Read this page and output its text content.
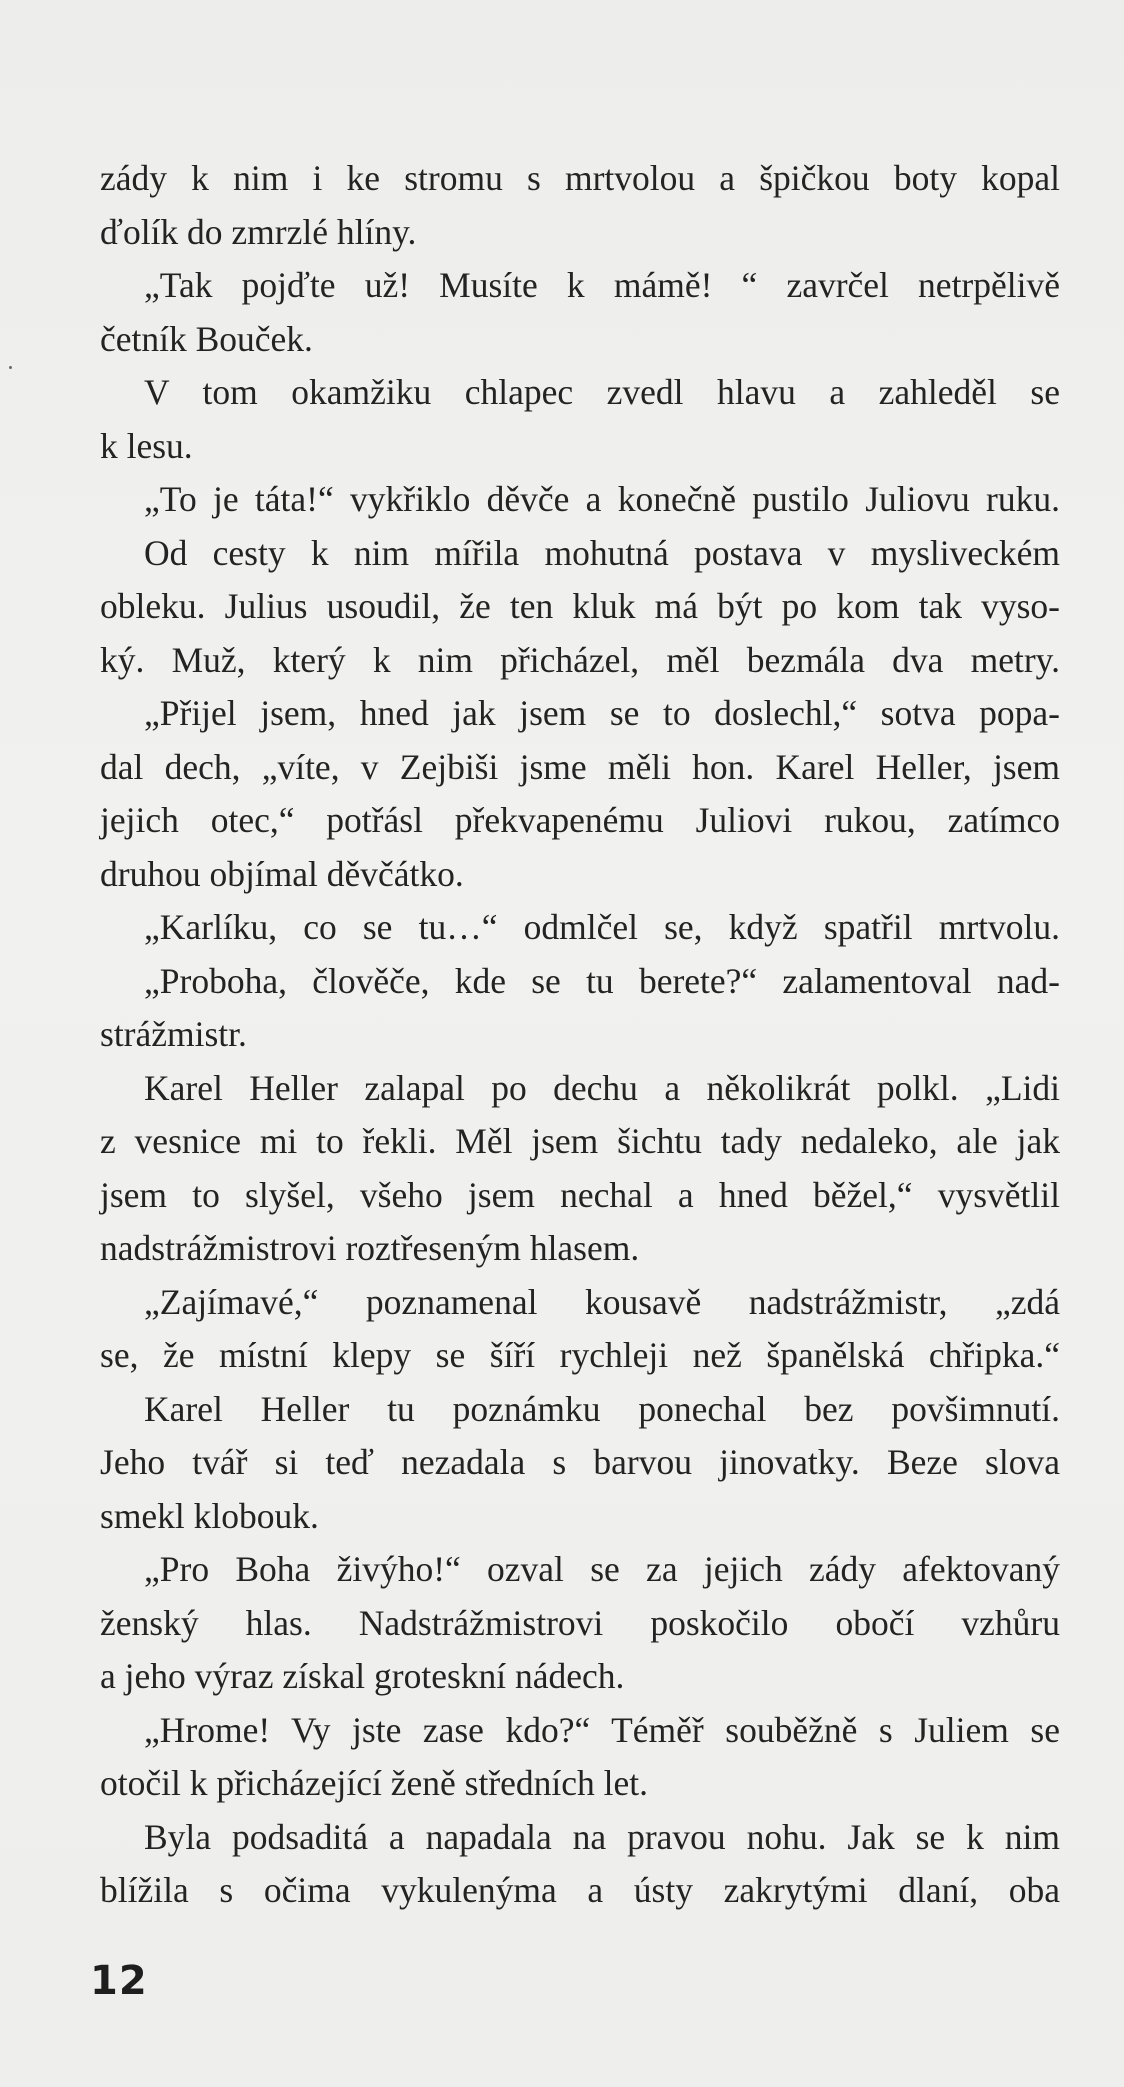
zády k nim i ke stromu s mrtvolou a špičkou boty kopal
ďolík do zmrzlé hlíny.
„Tak pojďte už! Musíte k mámě! “ zavrčel netrpělivě
četník Bouček.
V tom okamžiku chlapec zvedl hlavu a zahleděl se
k lesu.
„To je táta!“ vykřiklo děvče a konečně pustilo Juliovu ruku.
Od cesty k nim mířila mohutná postava v mysliveckém
obleku. Julius usoudil, že ten kluk má být po kom tak vyso-
ký. Muž, který k nim přicházel, měl bezmála dva metry.
„Přijel jsem, hned jak jsem se to doslechl,“ sotva popa-
dal dech, „víte, v Zejbiši jsme měli hon. Karel Heller, jsem
jejich otec,“ potřásl překvapenému Juliovi rukou, zatímco
druhou objímal děvčátko.
„Karlíku, co se tu…“ odmlčel se, když spatřil mrtvolu.
„Proboha, člověče, kde se tu berete?“ zalamentoval nad-
strážmistr.
Karel Heller zalapal po dechu a několikrát polkl. „Lidi
z vesnice mi to řekli. Měl jsem šichtu tady nedaleko, ale jak
jsem to slyšel, všeho jsem nechal a hned běžel,“ vysvětlil
nadstrážmistrovi roztřeseným hlasem.
„Zajímavé,“ poznamenal kousavě nadstrážmistr, „zdá
se, že místní klepy se šíří rychleji než španělská chřipka.“
Karel Heller tu poznámku ponechal bez povšimnutí.
Jeho tvář si teď nezadala s barvou jinovatky. Beze slova
smekl klobouk.
„Pro Boha živýho!“ ozval se za jejich zády afektovaný
ženský hlas. Nadstrážmistrovi poskočilo obočí vzhůru
a jeho výraz získal groteskní nádech.
„Hrome! Vy jste zase kdo?“ Téměř souběžně s Juliem se
otočil k přicházející ženě středních let.
Byla podsaditá a napadala na pravou nohu. Jak se k nim
blížila s očima vykulenýma a ústy zakrytými dlaní, oba
12
